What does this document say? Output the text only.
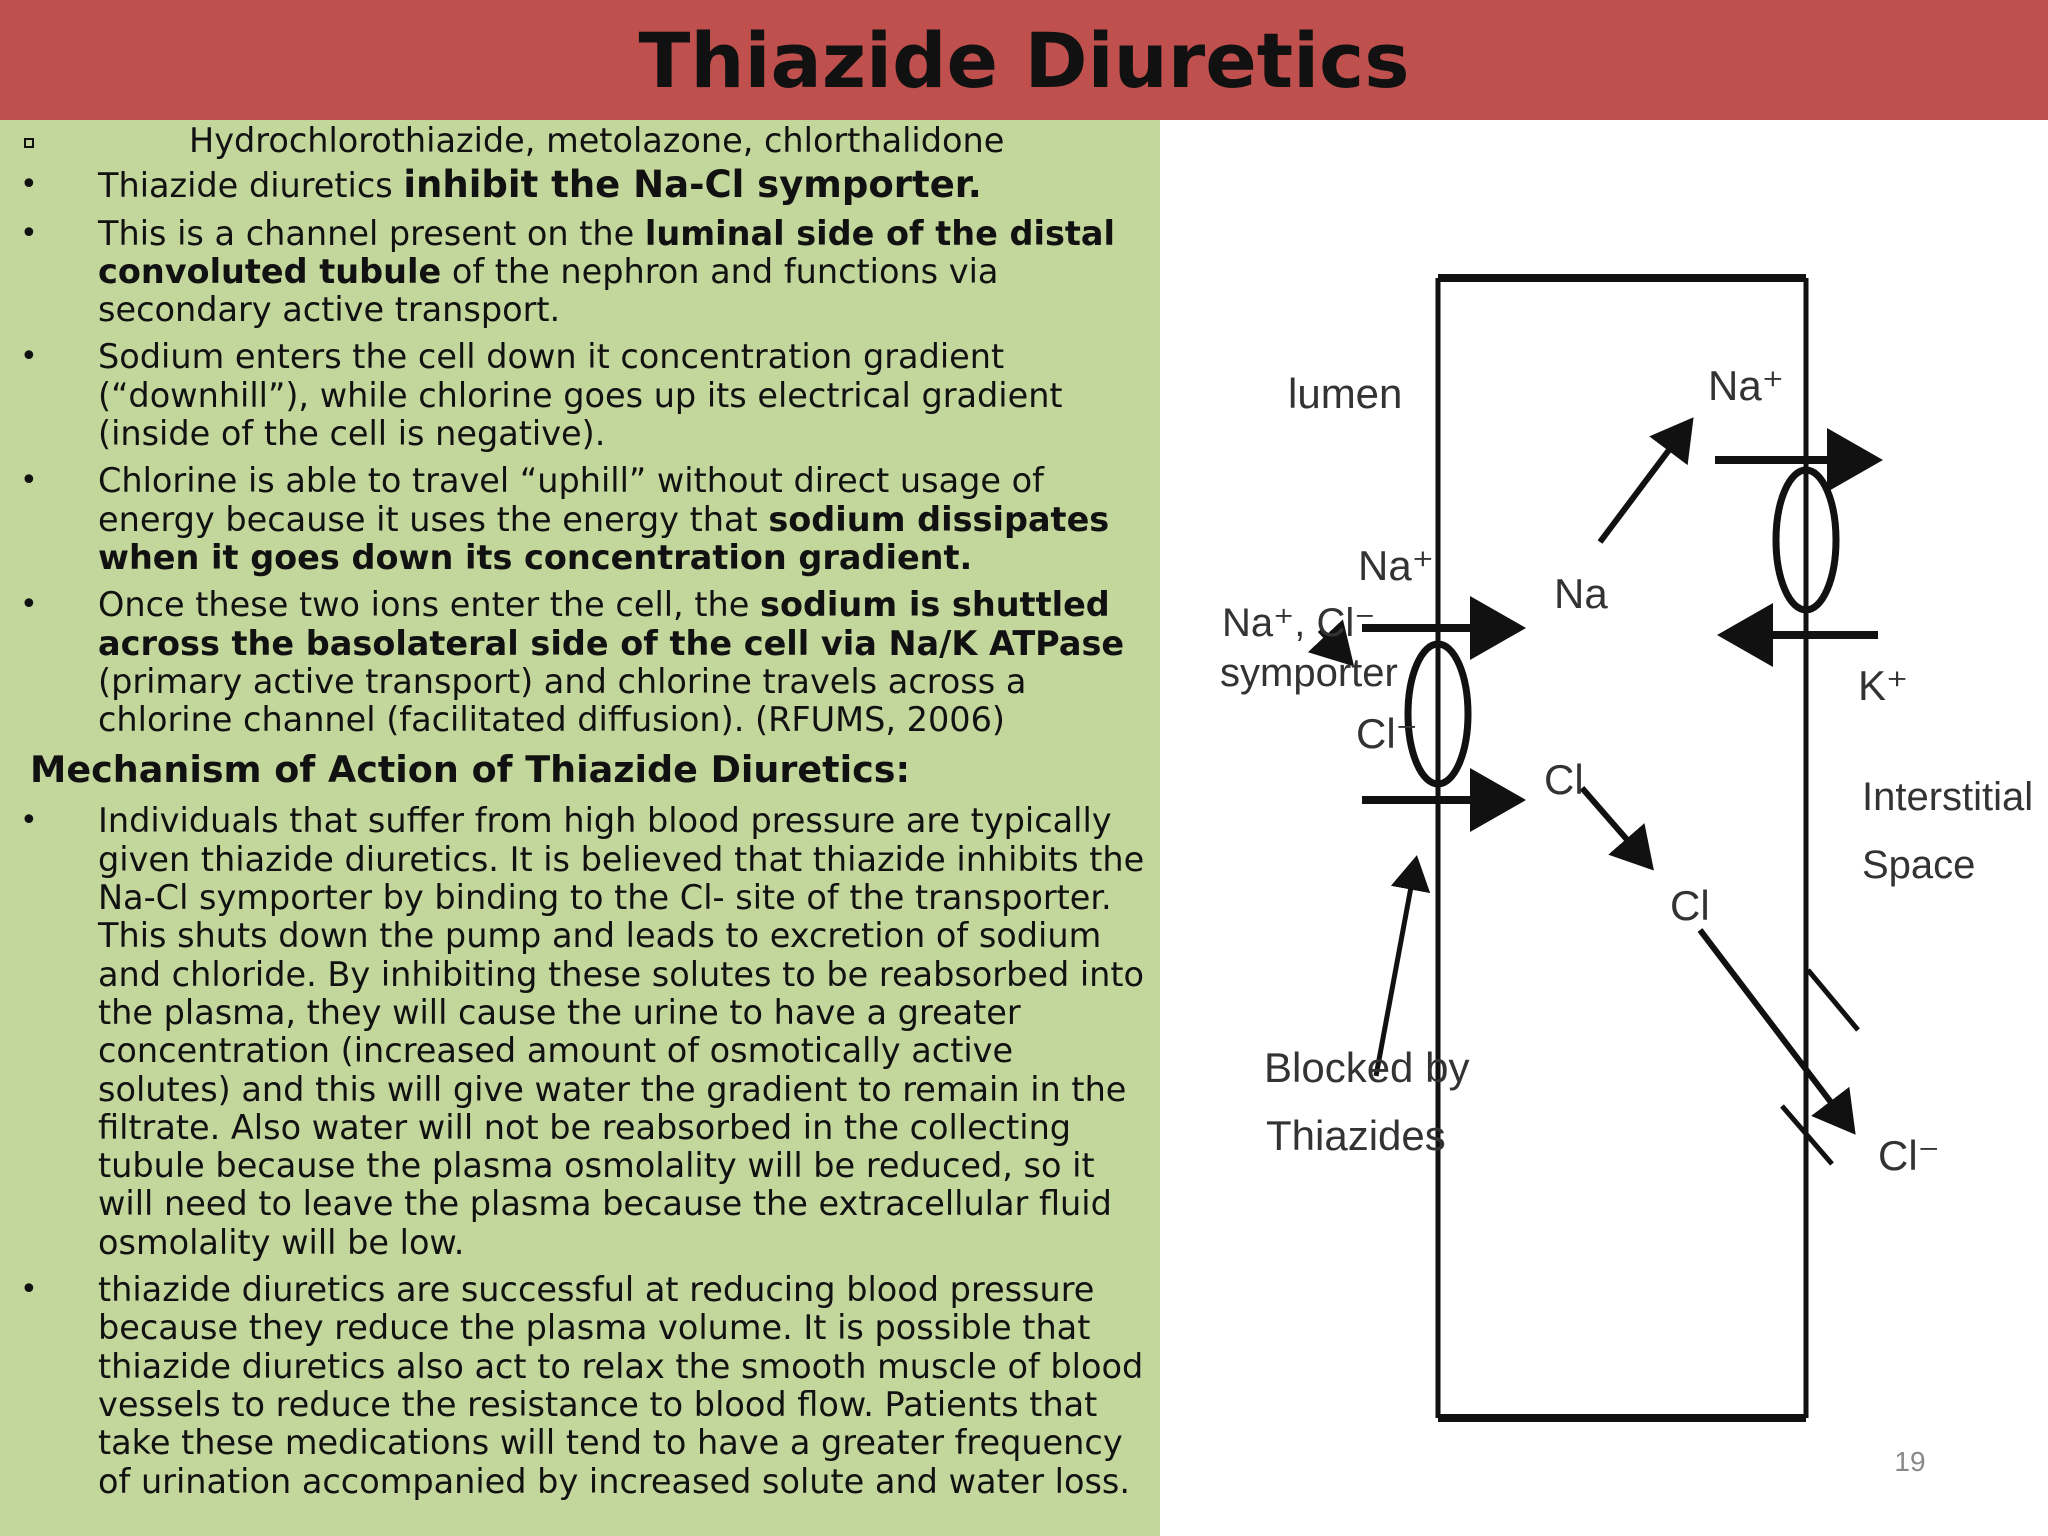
Thiazide Diuretics
Hydrochlorothiazide, metolazone, chlorthalidone
•	Thiazide diuretics inhibit the Na-Cl symporter.
•	This is a channel present on the luminal side of the distal convoluted tubule of the nephron and functions via secondary active transport.
•	Sodium enters the cell down it concentration gradient (“downhill”), while chlorine goes up its electrical gradient (inside of the cell is negative).
•	Chlorine is able to travel “uphill” without direct usage of energy because it uses the energy that sodium dissipates when it goes down its concentration gradient.
•	Once these two ions enter the cell, the sodium is shuttled across the basolateral side of the cell via Na/K ATPase (primary active transport) and chlorine travels across a chlorine channel (facilitated diffusion). (RFUMS, 2006)
Mechanism of Action of Thiazide Diuretics:
•	Individuals that suffer from high blood pressure are typically given thiazide diuretics. It is believed that thiazide inhibits the Na-Cl symporter by binding to the Cl- site of the transporter. This shuts down the pump and leads to excretion of sodium and chloride. By inhibiting these solutes to be reabsorbed into the plasma, they will cause the urine to have a greater concentration (increased amount of osmotically active solutes) and this will give water the gradient to remain in the filtrate. Also water will not be reabsorbed in the collecting tubule because the plasma osmolality will be reduced, so it will need to leave the plasma because the extracellular fluid osmolality will be low.
•	thiazide diuretics are successful at reducing blood pressure because they reduce the plasma volume. It is possible that thiazide diuretics also act to relax the smooth muscle of blood vessels to reduce the resistance to blood flow. Patients that take these medications will tend to have a greater frequency of urination accompanied by increased solute and water loss.
lumen
Na⁺, Cl⁻
symporter
Na⁺
Cl⁻
Na
Na⁺
Cl
Cl
K⁺
Interstitial
Space
Cl⁻
Blocked by
Thiazides
19
